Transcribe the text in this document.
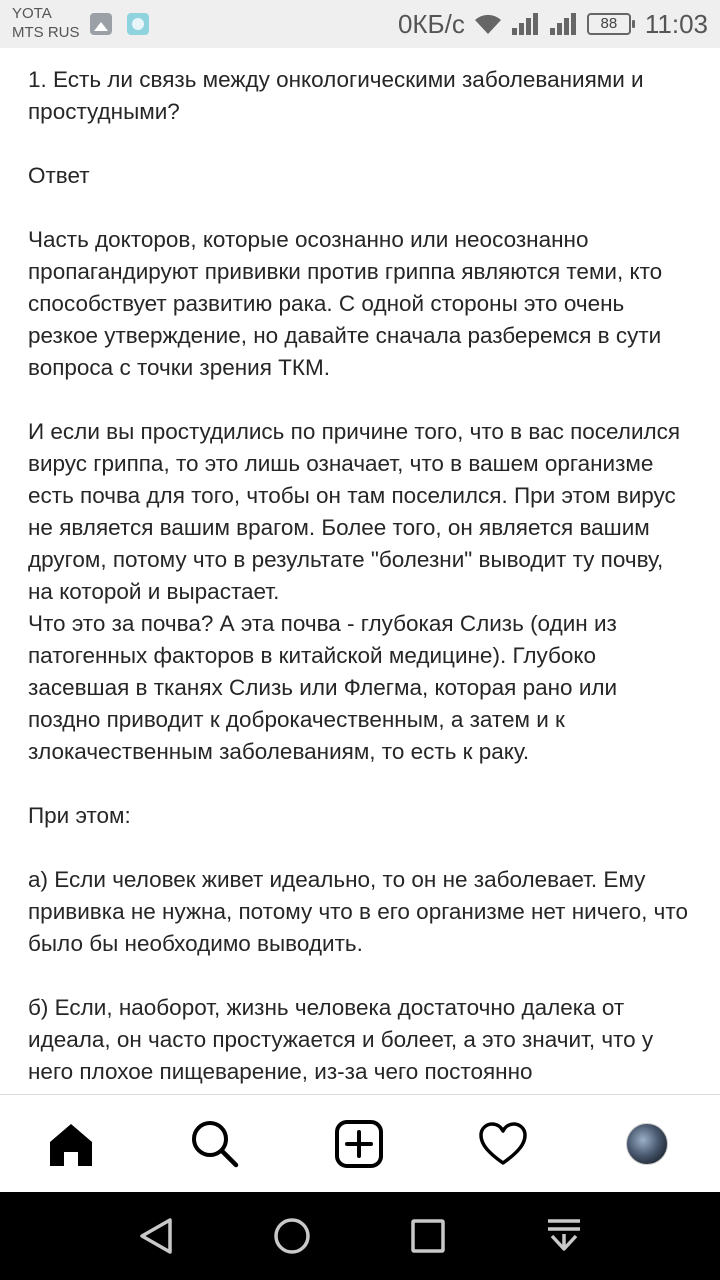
YOTA
MTS RUS	0КБ/с	88	11:03

1. Есть ли связь между онкологическими заболеваниями и простудными?

Ответ

Часть докторов, которые осознанно или неосознанно пропагандируют прививки против гриппа являются теми, кто способствует развитию рака. С одной стороны это очень резкое утверждение, но давайте сначала разберемся в сути вопроса с точки зрения ТКМ.

И если вы простудились по причине того, что в вас поселился вирус гриппа, то это лишь означает, что в вашем организме есть почва для того, чтобы он там поселился. При этом вирус не является вашим врагом. Более того, он является вашим другом, потому что в результате "болезни" выводит ту почву, на которой и вырастает.

Что это за почва? А эта почва - глубокая Слизь (один из патогенных факторов в китайской медицине). Глубоко засевшая в тканях Слизь или Флегма, которая рано или поздно приводит к доброкачественным, а затем и к злокачественным заболеваниям, то есть к раку.

При этом:

а) Если человек живет идеально, то он не заболевает. Ему прививка не нужна, потому что в его организме нет ничего, что было бы необходимо выводить.

б) Если, наоборот, жизнь человека достаточно далека от идеала, он часто простужается и болеет, а это значит, что у него плохое пищеварение, из-за чего постоянно
